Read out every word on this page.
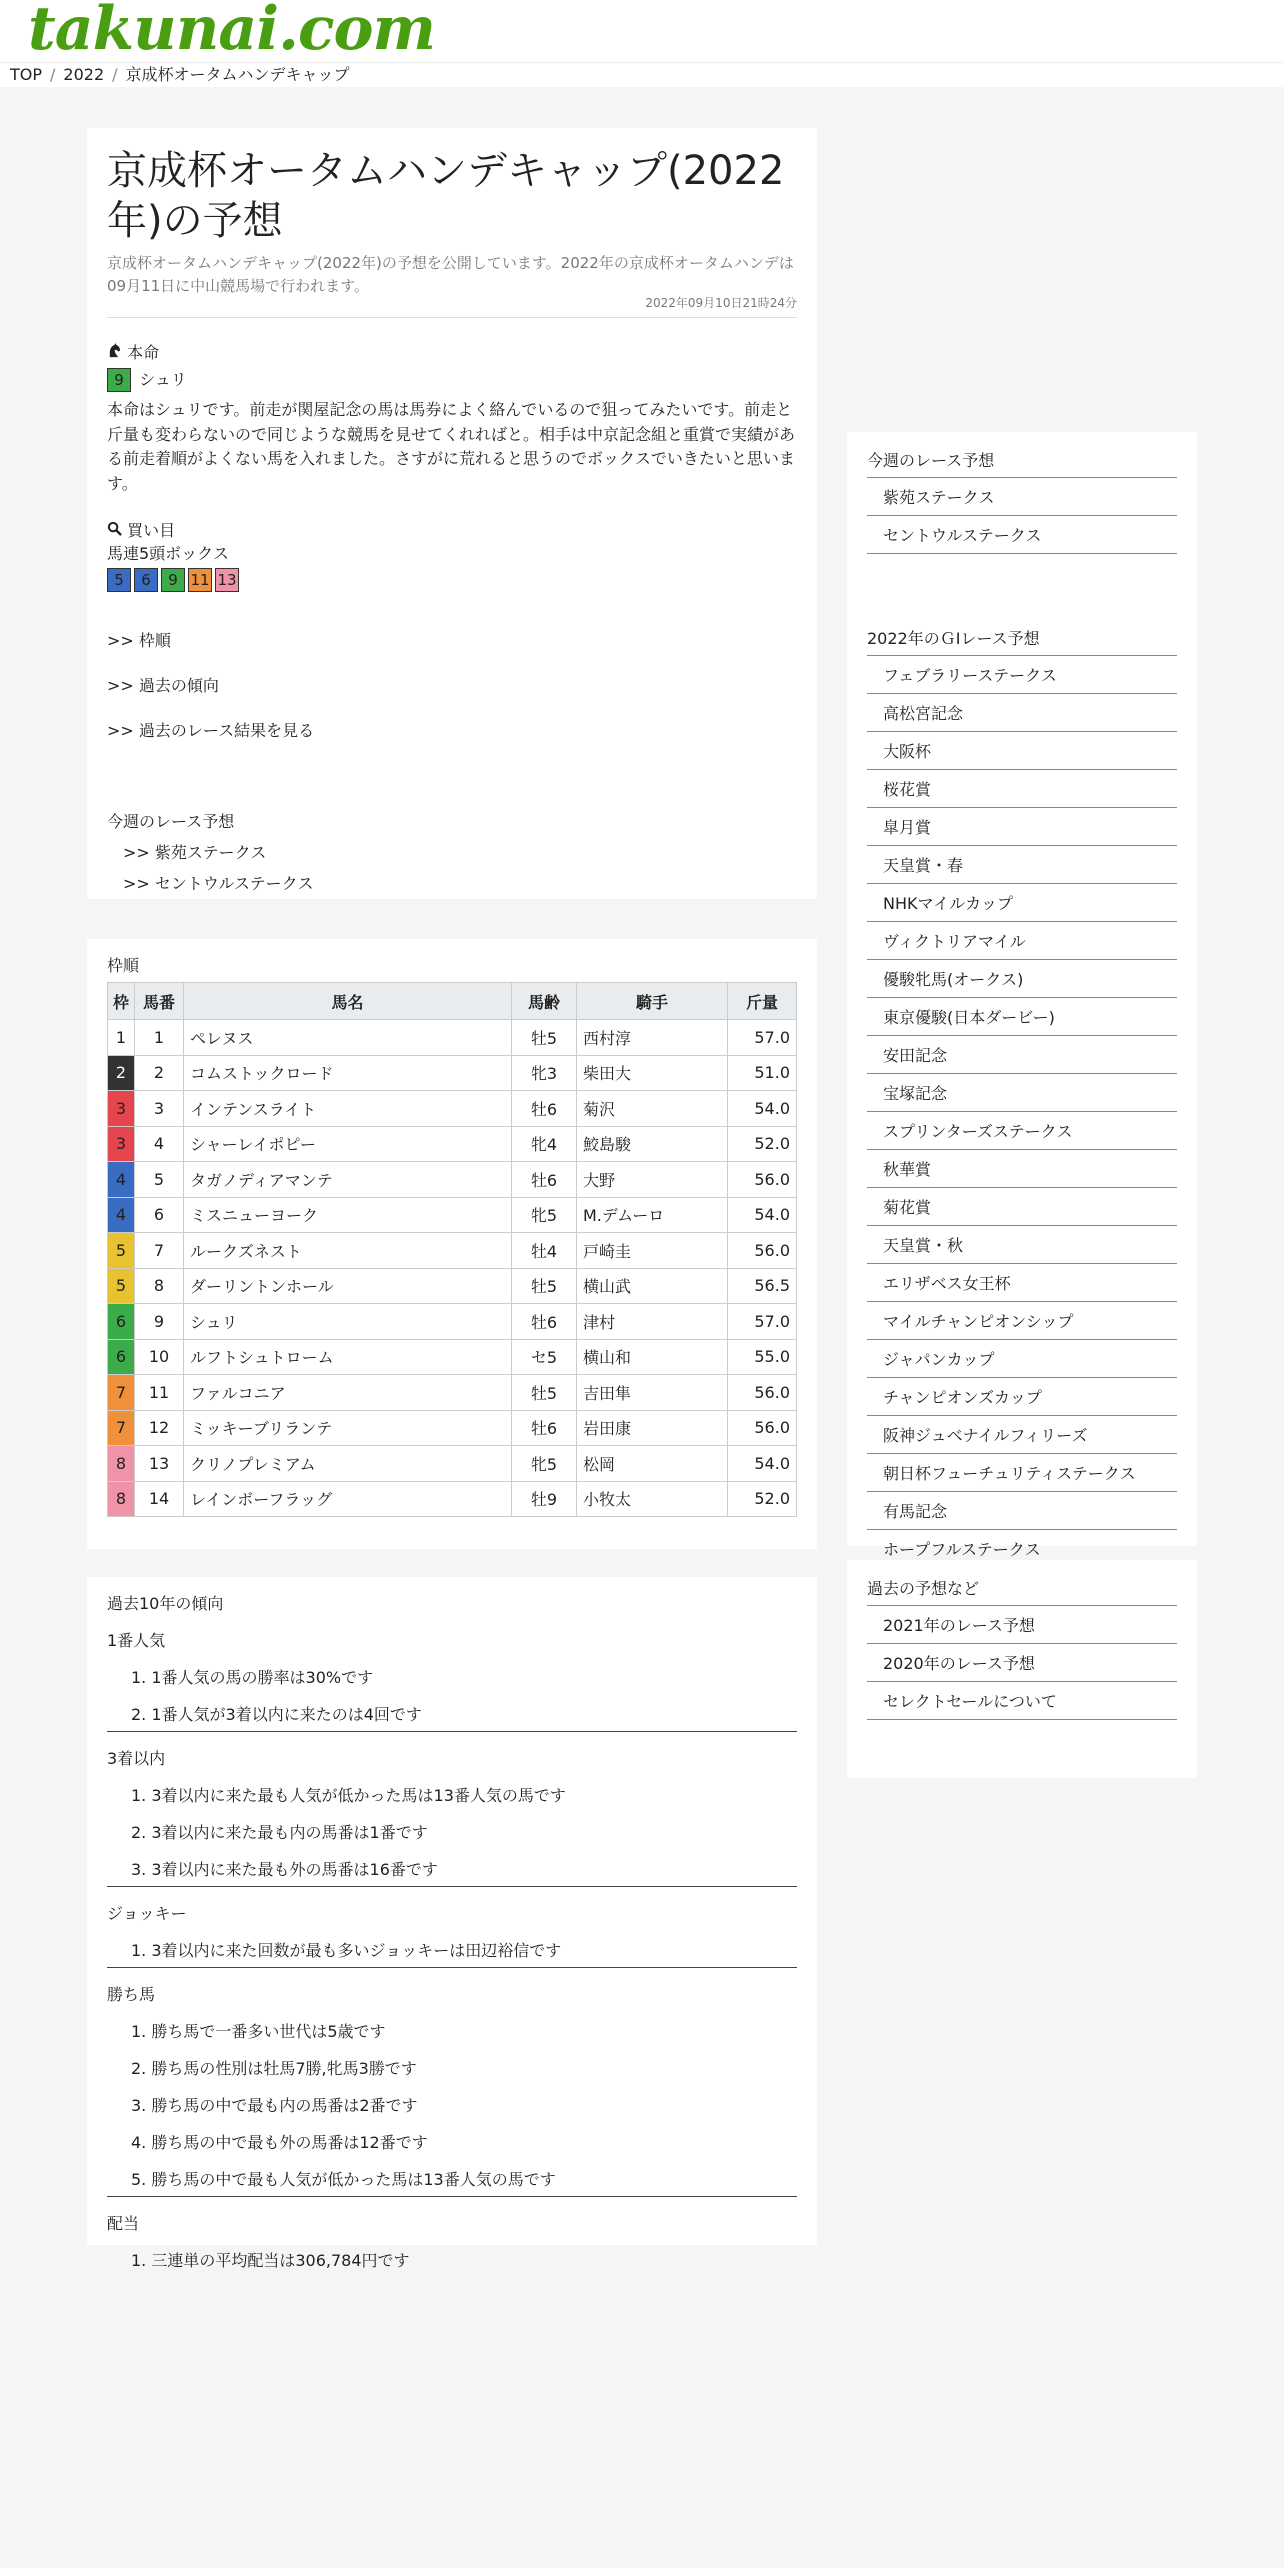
takunai.com
TOP / 2022 / 京成杯オータムハンデキャップ
京成杯オータムハンデキャップ(2022年)の予想
京成杯オータムハンデキャップ(2022年)の予想を公開しています。2022年の京成杯オータムハンデは09月11日に中山競馬場で行われます。
2022年09月10日21時24分
本命
9 シュリ
本命はシュリです。前走が関屋記念の馬は馬券によく絡んでいるので狙ってみたいです。前走と斤量も変わらないので同じような競馬を見せてくれればと。相手は中京記念組と重賞で実績がある前走着順がよくない馬を入れました。さすがに荒れると思うのでボックスでいきたいと思います。
買い目
馬連5頭ボックス
5 6 9 11 13
>> 枠順
>> 過去の傾向
>> 過去のレース結果を見る
今週のレース予想
>> 紫苑ステークス
>> セントウルステークス
枠順
枠	馬番	馬名	馬齢	騎手	斤量
1	1	ペレヌス	牡5	西村淳	57.0
2	2	コムストックロード	牝3	柴田大	51.0
3	3	インテンスライト	牡6	菊沢	54.0
3	4	シャーレイポピー	牝4	鮫島駿	52.0
4	5	タガノディアマンテ	牡6	大野	56.0
4	6	ミスニューヨーク	牝5	M.デムーロ	54.0
5	7	ルークズネスト	牡4	戸崎圭	56.0
5	8	ダーリントンホール	牡5	横山武	56.5
6	9	シュリ	牡6	津村	57.0
6	10	ルフトシュトローム	セ5	横山和	55.0
7	11	ファルコニア	牡5	吉田隼	56.0
7	12	ミッキーブリランテ	牡6	岩田康	56.0
8	13	クリノプレミアム	牝5	松岡	54.0
8	14	レインボーフラッグ	牡9	小牧太	52.0
過去10年の傾向
1番人気
1. 1番人気の馬の勝率は30%です
2. 1番人気が3着以内に来たのは4回です
3着以内
1. 3着以内に来た最も人気が低かった馬は13番人気の馬です
2. 3着以内に来た最も内の馬番は1番です
3. 3着以内に来た最も外の馬番は16番です
ジョッキー
1. 3着以内に来た回数が最も多いジョッキーは田辺裕信です
勝ち馬
1. 勝ち馬で一番多い世代は5歳です
2. 勝ち馬の性別は牡馬7勝,牝馬3勝です
3. 勝ち馬の中で最も内の馬番は2番です
4. 勝ち馬の中で最も外の馬番は12番です
5. 勝ち馬の中で最も人気が低かった馬は13番人気の馬です
配当
1. 三連単の平均配当は306,784円です
今週のレース予想
紫苑ステークス
セントウルステークス
2022年のＧⅠレース予想
フェブラリーステークス
高松宮記念
大阪杯
桜花賞
皐月賞
天皇賞・春
NHKマイルカップ
ヴィクトリアマイル
優駿牝馬(オークス)
東京優駿(日本ダービー)
安田記念
宝塚記念
スプリンターズステークス
秋華賞
菊花賞
天皇賞・秋
エリザベス女王杯
マイルチャンピオンシップ
ジャパンカップ
チャンピオンズカップ
阪神ジュベナイルフィリーズ
朝日杯フューチュリティステークス
有馬記念
ホープフルステークス
過去の予想など
2021年のレース予想
2020年のレース予想
セレクトセールについて
